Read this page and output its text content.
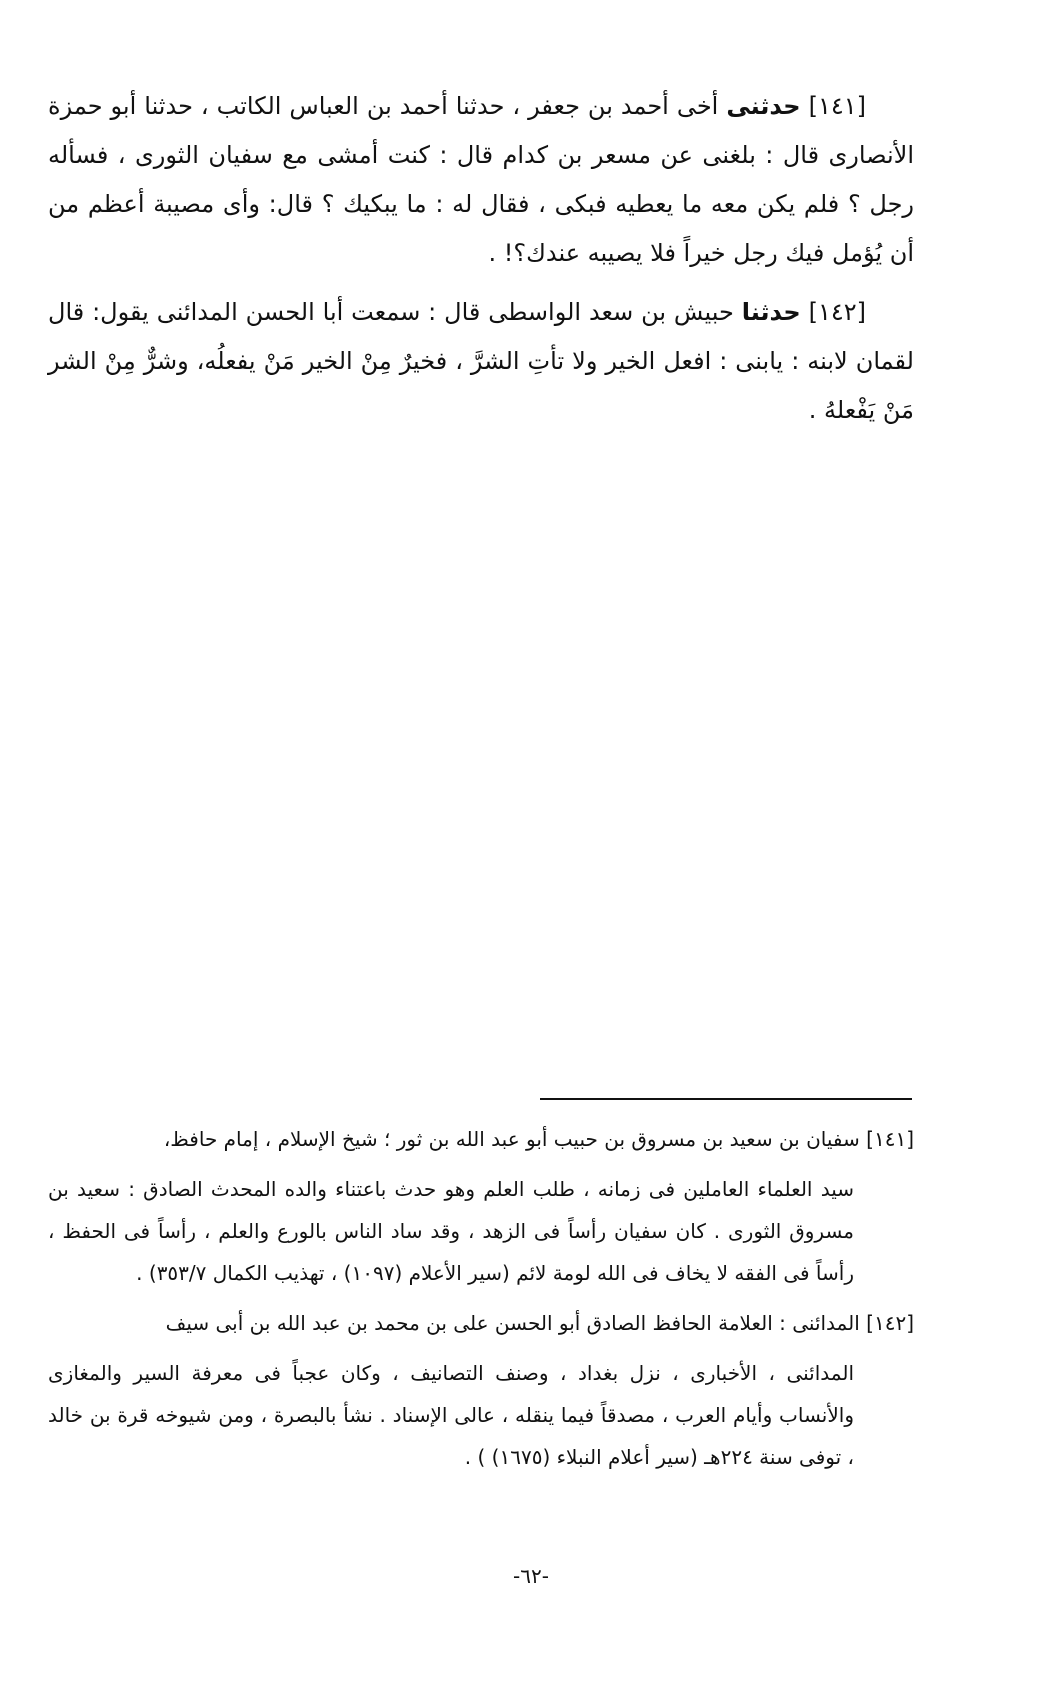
[١٤١] حدثنى أخى أحمد بن جعفر ، حدثنا أحمد بن العباس الكاتب ، حدثنا أبو حمزة الأنصارى قال : بلغنى عن مسعر بن كدام قال : كنت أمشى مع سفيان الثورى ، فسأله رجل ؟ فلم يكن معه ما يعطيه فبكى ، فقال له : ما يبكيك ؟ قال: وأى مصيبة أعظم من أن يُؤمل فيك رجل خيراً فلا يصيبه عندك؟! .

[١٤٢] حدثنا حبيش بن سعد الواسطى قال : سمعت أبا الحسن المدائنى يقول: قال لقمان لابنه : يابنى : افعل الخير ولا تأتِ الشرَّ ، فخيرٌ مِنْ الخير مَنْ يفعلُه، وشرٌّ مِنْ الشر مَنْ يَفْعلهُ .

[١٤١] سفيان بن سعيد بن مسروق بن حبيب أبو عبد الله بن ثور ؛ شيخ الإسلام ، إمام حافظ،

سيد العلماء العاملين فى زمانه ، طلب العلم وهو حدث باعتناء والده المحدث الصادق : سعيد بن مسروق الثورى . كان سفيان رأساً فى الزهد ، وقد ساد الناس بالورع والعلم ، رأساً فى الحفظ ، رأساً فى الفقه لا يخاف فى الله لومة لائم (سير الأعلام (١٠٩٧) ، تهذيب الكمال ٣٥٣/٧) .

[١٤٢] المدائنى : العلامة الحافظ الصادق أبو الحسن على بن محمد بن عبد الله بن أبى سيف

المدائنى ، الأخبارى ، نزل بغداد ، وصنف التصانيف ، وكان عجباً فى معرفة السير والمغازى والأنساب وأيام العرب ، مصدقاً فيما ينقله ، عالى الإسناد . نشأ بالبصرة ، ومن شيوخه قرة بن خالد ، توفى سنة ٢٢٤هـ (سير أعلام النبلاء (١٦٧٥) ) .

-٦٢-
